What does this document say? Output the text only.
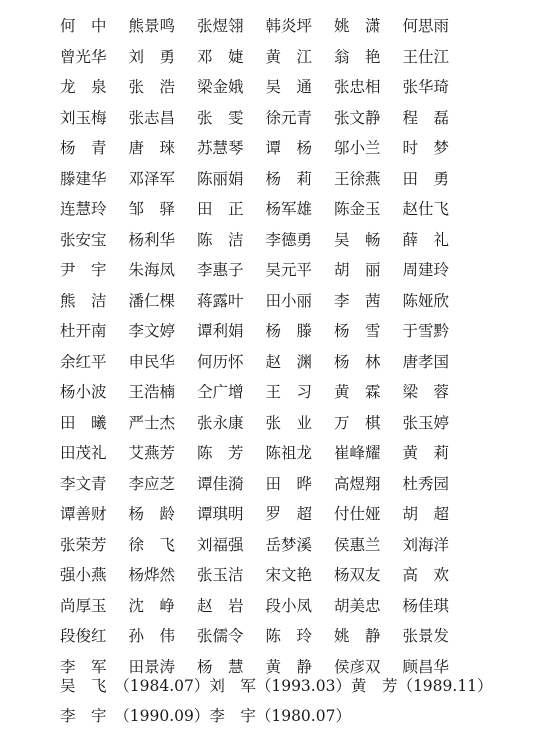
何　中	熊景鸣	张煜翎	韩炎坪	姚　潇	何思雨
曾光华	刘　勇	邓　婕	黄　江	翁　艳	王仕江
龙　泉	张　浩	梁金娥	吴　通	张忠相	张华琦
刘玉梅	张志昌	张　雯	徐元青	张文静	程　磊
杨　青	唐　琜	苏慧琴	谭　杨	邬小兰	时　梦
滕建华	邓泽军	陈丽娟	杨　莉	王徐燕	田　勇
连慧玲	邹　驿	田　正	杨军雄	陈金玉	赵仕飞
张安宝	杨利华	陈　洁	李德勇	吴　畅	薛　礼
尹　宇	朱海凤	李惠子	吴元平	胡　丽	周建玲
熊　洁	潘仁棵	蒋露叶	田小丽	李　茜	陈娅欣
杜开南	李文婷	谭利娟	杨　滕	杨　雪	于雪黔
余红平	申民华	何历怀	赵　渊	杨　林	唐孝国
杨小波	王浩楠	仝广增	王　习	黄　霖	梁　蓉
田　曦	严士杰	张永康	张　业	万　棋	张玉婷
田茂礼	艾燕芳	陈　芳	陈祖龙	崔峰耀	黄　莉
李文青	李应芝	谭佳漪	田　晔	高煜翔	杜秀园
谭善财	杨　龄	谭琪明	罗　超	付仕娅	胡　超
张荣芳	徐　飞	刘福强	岳梦溪	侯惠兰	刘海洋
强小燕	杨烨然	张玉洁	宋文艳	杨双友	高　欢
尚厚玉	沈　峥	赵　岩	段小凤	胡美忠	杨佳琪
段俊红	孙　伟	张儒令	陈　玲	姚　静	张景发
李　军	田景涛	杨　慧	黄　静	侯彦双	顾昌华
吴　飞　（1984.07）刘　军（1993.03）黄　芳（1989.11）
李　宇　（1990.09）李　宇（1980.07）
